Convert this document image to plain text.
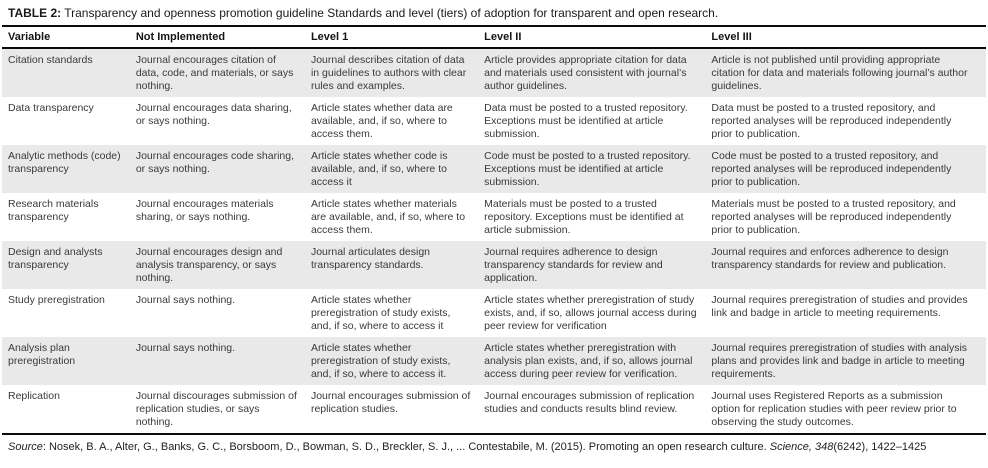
TABLE 2: Transparency and openness promotion guideline Standards and level (tiers) of adoption for transparent and open research.
Variable	Not Implemented	Level 1	Level II	Level III
Citation standards	Journal encourages citation of data, code, and materials, or says nothing.	Journal describes citation of data in guidelines to authors with clear rules and examples.	Article provides appropriate citation for data and materials used consistent with journal’s author guidelines.	Article is not published until providing appropriate citation for data and materials following journal’s author guidelines.
Data transparency	Journal encourages data sharing, or says nothing.	Article states whether data are available, and, if so, where to access them.	Data must be posted to a trusted repository. Exceptions must be identified at article submission.	Data must be posted to a trusted repository, and reported analyses will be reproduced independently prior to publication.
Analytic methods (code) transparency	Journal encourages code sharing, or says nothing.	Article states whether code is available, and, if so, where to access it	Code must be posted to a trusted repository. Exceptions must be identified at article submission.	Code must be posted to a trusted repository, and reported analyses will be reproduced independently prior to publication.
Research materials transparency	Journal encourages materials sharing, or says nothing.	Article states whether materials are available, and, if so, where to access them.	Materials must be posted to a trusted repository. Exceptions must be identified at article submission.	Materials must be posted to a trusted repository, and reported analyses will be reproduced independently prior to publication.
Design and analysts transparency	Journal encourages design and analysis transparency, or says nothing.	Journal articulates design transparency standards.	Journal requires adherence to design transparency standards for review and application.	Journal requires and enforces adherence to design transparency standards for review and publication.
Study preregistration	Journal says nothing.	Article states whether preregistration of study exists, and, if so, where to access it	Article states whether preregistration of study exists, and, if so, allows journal access during peer review for verification	Journal requires preregistration of studies and provides link and badge in article to meeting requirements.
Analysis plan preregistration	Journal says nothing.	Article states whether preregistration of study exists, and, if so, where to access it.	Article states whether preregistration with analysis plan exists, and, if so, allows journal access during peer review for verification.	Journal requires preregistration of studies with analysis plans and provides link and badge in article to meeting requirements.
Replication	Journal discourages submission of replication studies, or says nothing.	Journal encourages submission of replication studies.	Journal encourages submission of replication studies and conducts results blind review.	Journal uses Registered Reports as a submission option for replication studies with peer review prior to observing the study outcomes.
Source: Nosek, B. A., Alter, G., Banks, G. C., Borsboom, D., Bowman, S. D., Breckler, S. J., ... Contestabile, M. (2015). Promoting an open research culture. Science, 348(6242), 1422–1425
